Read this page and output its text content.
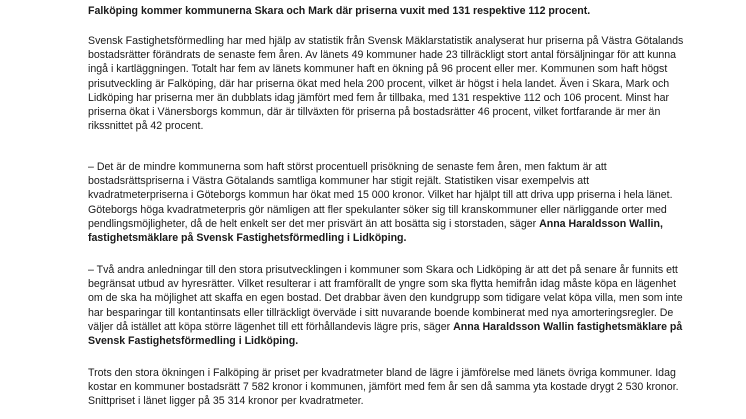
Falköping kommer kommunerna Skara och Mark där priserna vuxit med 131 respektive 112 procent.

Svensk Fastighetsförmedling har med hjälp av statistik från Svensk Mäklarstatistik analyserat hur priserna på Västra Götalands bostadsrätter förändrats de senaste fem åren. Av länets 49 kommuner hade 23 tillräckligt stort antal försäljningar för att kunna ingå i kartläggningen. Totalt har fem av länets kommuner haft en ökning på 96 procent eller mer. Kommunen som haft högst prisutveckling är Falköping, där har priserna ökat med hela 200 procent, vilket är högst i hela landet. Även i Skara, Mark och Lidköping har priserna mer än dubblats idag jämfört med fem år tillbaka, med 131 respektive 112 och 106 procent. Minst har priserna ökat i Vänersborgs kommun, där är tillväxten för priserna på bostadsrätter 46 procent, vilket fortfarande är mer än rikssnittet på 42 procent.

– Det är de mindre kommunerna som haft störst procentuell prisökning de senaste fem åren, men faktum är att bostadsrättspriserna i Västra Götalands samtliga kommuner har stigit rejält. Statistiken visar exempelvis att kvadratmeterpriserna i Göteborgs kommun har ökat med 15 000 kronor. Vilket har hjälpt till att driva upp priserna i hela länet. Göteborgs höga kvadratmeterpris gör nämligen att fler spekulanter söker sig till kranskommuner eller närliggande orter med pendlingsmöjligheter, då de helt enkelt ser det mer prisvärt än att bosätta sig i storstaden, säger Anna Haraldsson Wallin, fastighetsmäklare på Svensk Fastighetsförmedling i Lidköping.

– Två andra anledningar till den stora prisutvecklingen i kommuner som Skara och Lidköping är att det på senare år funnits ett begränsat utbud av hyresrätter. Vilket resulterar i att framförallt de yngre som ska flytta hemifrån idag måste köpa en lägenhet om de ska ha möjlighet att skaffa en egen bostad. Det drabbar även den kundgrupp som tidigare velat köpa villa, men som inte har besparingar till kontantinsats eller tillräckligt överväde i sitt nuvarande boende kombinerat med nya amorteringsregler. De väljer då istället att köpa större lägenhet till ett förhållandevis lägre pris, säger Anna Haraldsson Wallin fastighetsmäklare på Svensk Fastighetsförmedling i Lidköping.

Trots den stora ökningen i Falköping är priset per kvadratmeter bland de lägre i jämförelse med länets övriga kommuner. Idag kostar en kommuner bostadsrätt 7 582 kronor i kommunen, jämfört med fem år sen då samma yta kostade drygt 2 530 kronor. Snittpriset i länet ligger på 35 314 kronor per kvadratmeter.
